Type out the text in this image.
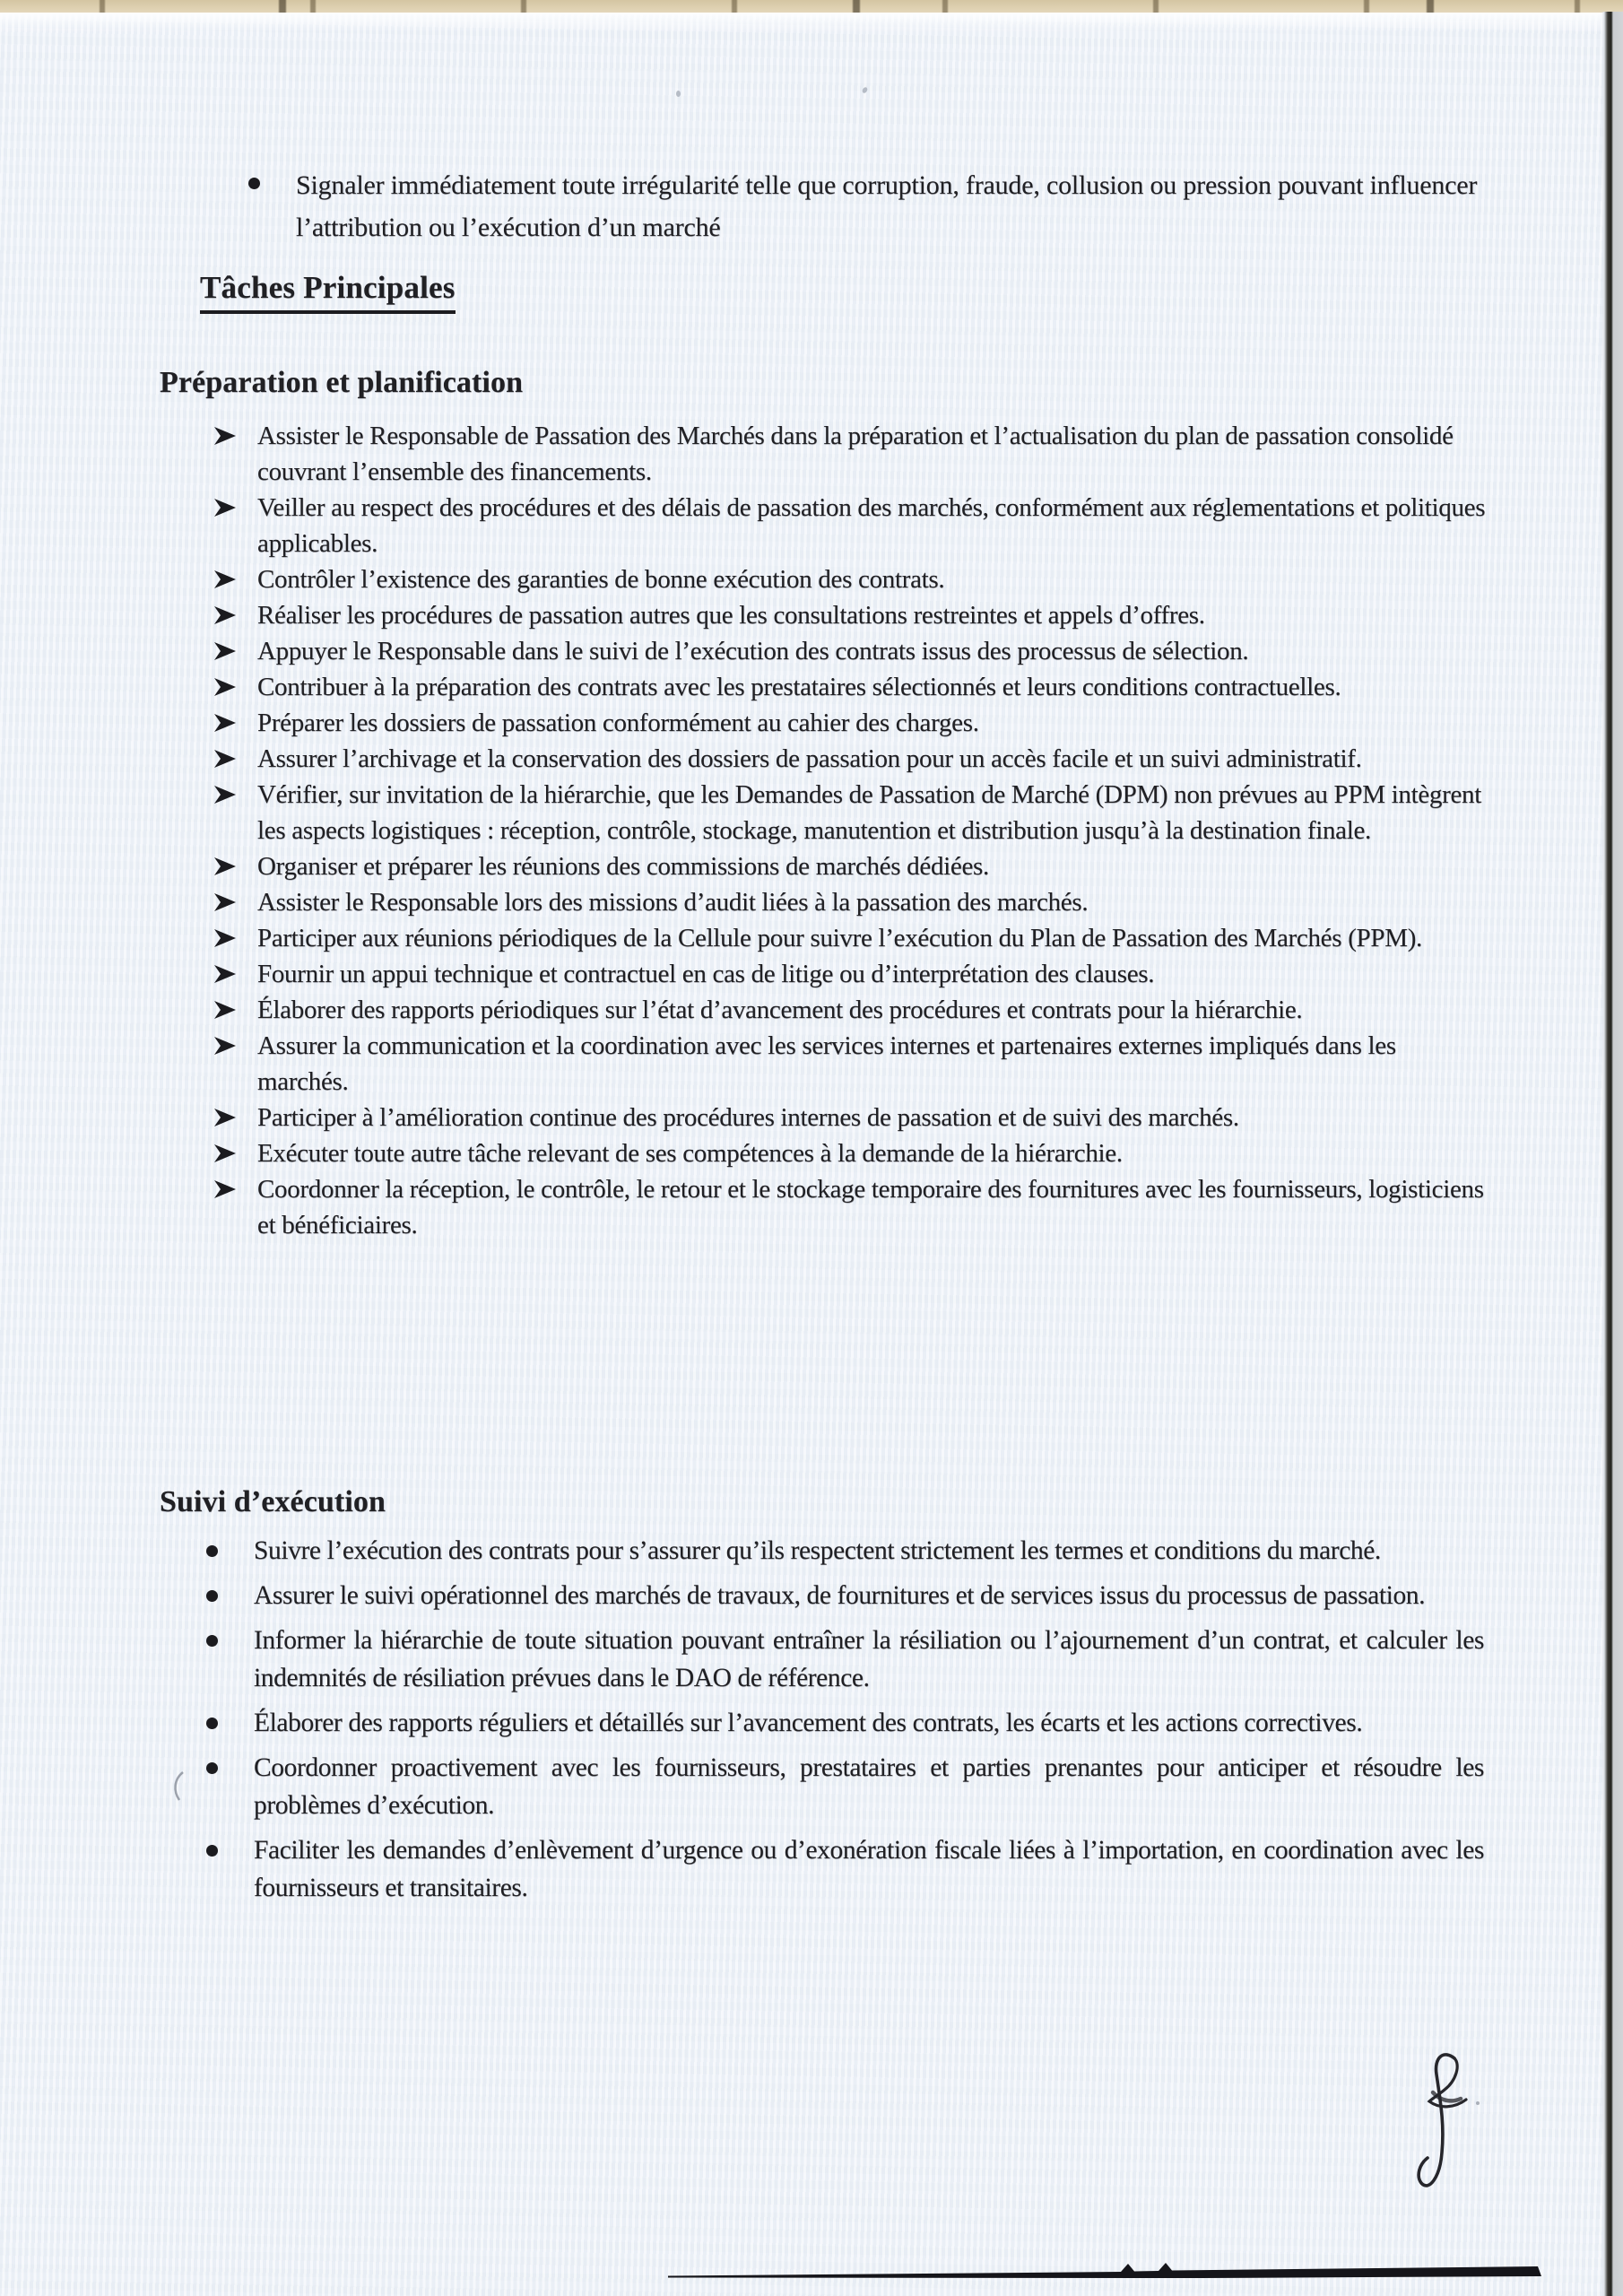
Signaler immédiatement toute irrégularité telle que corruption, fraude, collusion ou pression pouvant influencer l’attribution ou l’exécution d’un marché
Tâches Principales
Préparation et planification
Assister le Responsable de Passation des Marchés dans la préparation et l’actualisation du plan de passation consolidé couvrant l’ensemble des financements.
Veiller au respect des procédures et des délais de passation des marchés, conformément aux réglementations et politiques applicables.
Contrôler l’existence des garanties de bonne exécution des contrats.
Réaliser les procédures de passation autres que les consultations restreintes et appels d’offres.
Appuyer le Responsable dans le suivi de l’exécution des contrats issus des processus de sélection.
Contribuer à la préparation des contrats avec les prestataires sélectionnés et leurs conditions contractuelles.
Préparer les dossiers de passation conformément au cahier des charges.
Assurer l’archivage et la conservation des dossiers de passation pour un accès facile et un suivi administratif.
Vérifier, sur invitation de la hiérarchie, que les Demandes de Passation de Marché (DPM) non prévues au PPM intègrent les aspects logistiques : réception, contrôle, stockage, manutention et distribution jusqu’à la destination finale.
Organiser et préparer les réunions des commissions de marchés dédiées.
Assister le Responsable lors des missions d’audit liées à la passation des marchés.
Participer aux réunions périodiques de la Cellule pour suivre l’exécution du Plan de Passation des Marchés (PPM).
Fournir un appui technique et contractuel en cas de litige ou d’interprétation des clauses.
Élaborer des rapports périodiques sur l’état d’avancement des procédures et contrats pour la hiérarchie.
Assurer la communication et la coordination avec les services internes et partenaires externes impliqués dans les marchés.
Participer à l’amélioration continue des procédures internes de passation et de suivi des marchés.
Exécuter toute autre tâche relevant de ses compétences à la demande de la hiérarchie.
Coordonner la réception, le contrôle, le retour et le stockage temporaire des fournitures avec les fournisseurs, logisticiens et bénéficiaires.
Suivi d’exécution
Suivre l’exécution des contrats pour s’assurer qu’ils respectent strictement les termes et conditions du marché.
Assurer le suivi opérationnel des marchés de travaux, de fournitures et de services issus du processus de passation.
Informer la hiérarchie de toute situation pouvant entraîner la résiliation ou l’ajournement d’un contrat, et calculer les indemnités de résiliation prévues dans le DAO de référence.
Élaborer des rapports réguliers et détaillés sur l’avancement des contrats, les écarts et les actions correctives.
Coordonner proactivement avec les fournisseurs, prestataires et parties prenantes pour anticiper et résoudre les problèmes d’exécution.
Faciliter les demandes d’enlèvement d’urgence ou d’exonération fiscale liées à l’importation, en coordination avec les fournisseurs et transitaires.
